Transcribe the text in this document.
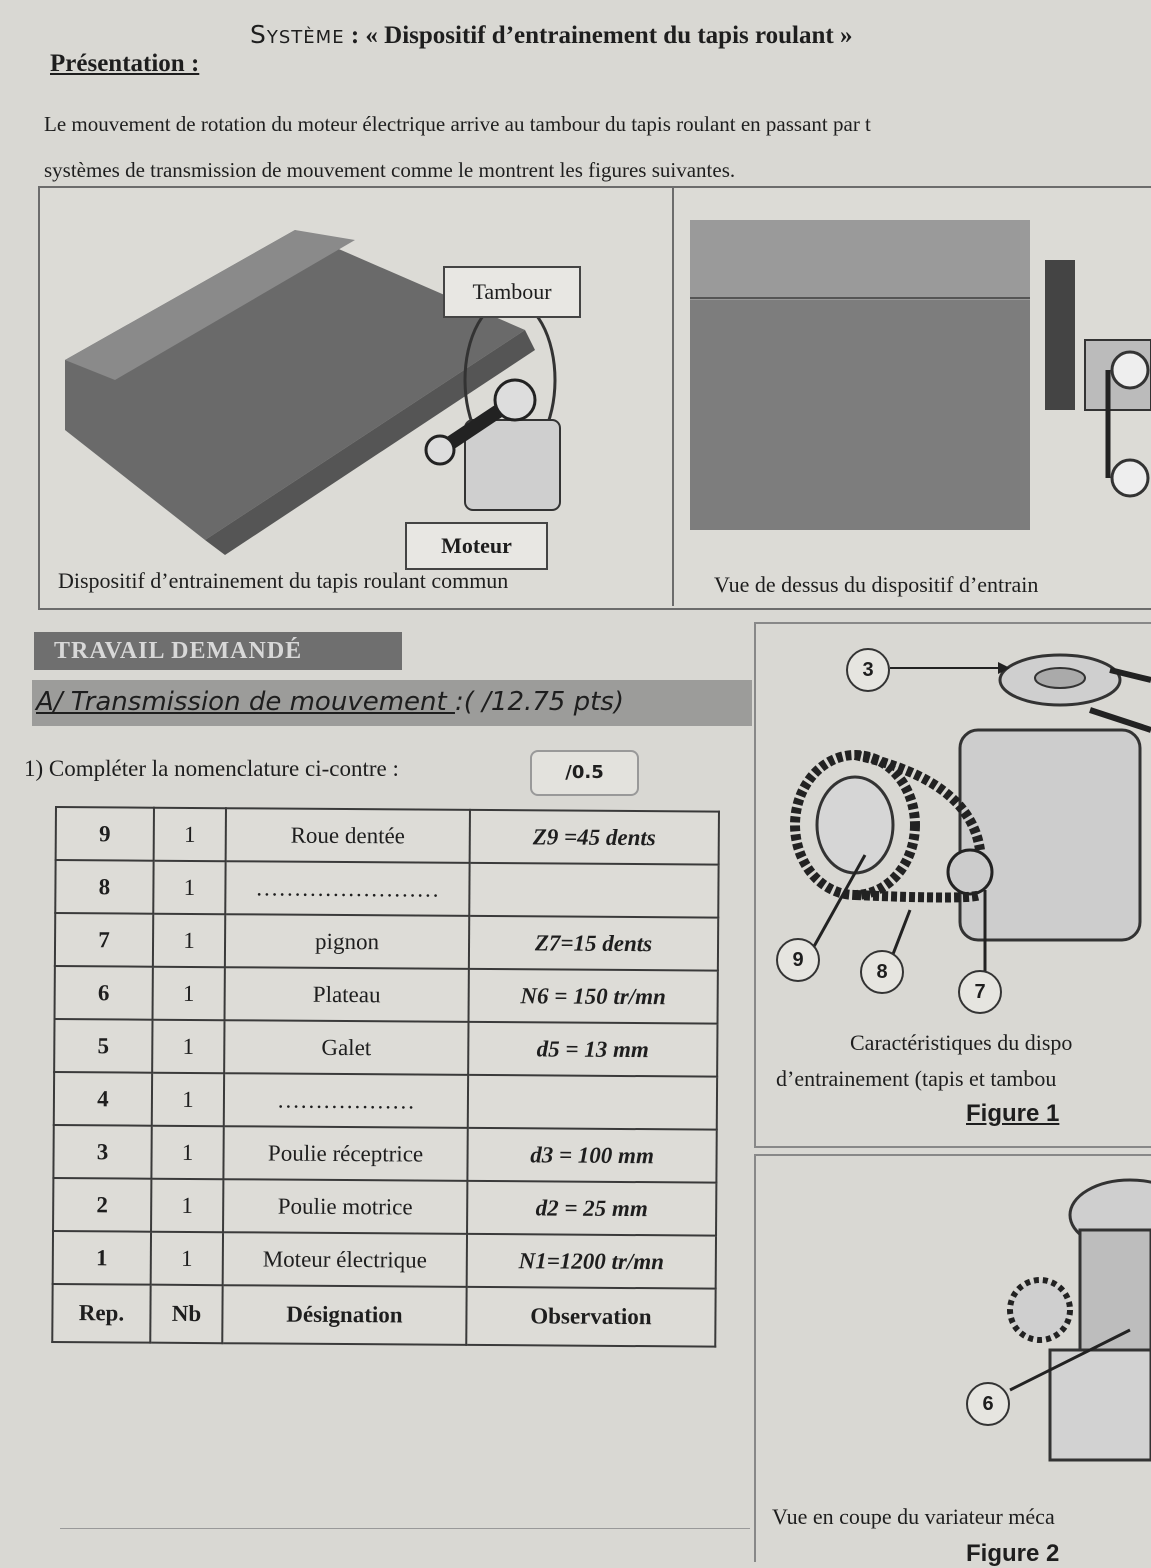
Système : « Dispositif d’entrainement du tapis roulant »
Présentation :
Le mouvement de rotation du moteur électrique arrive au tambour du tapis roulant en passant par t
systèmes de transmission de mouvement comme le montrent les figures suivantes.
Tambour
Moteur
Dispositif d’entrainement du tapis roulant commun	Vue de dessus du dispositif d’entrain
TRAVAIL DEMANDÉ
A/ Transmission de mouvement :( /12.75 pts)
1) Compléter la nomenclature ci-contre :	/0.5
9	1	Roue dentée	Z9 =45 dents
8	1	……………………	
7	1	pignon	Z7=15 dents
6	1	Plateau	N6 = 150 tr/mn
5	1	Galet	d5 = 13 mm
4	1	………………	
3	1	Poulie réceptrice	d3 = 100 mm
2	1	Poulie motrice	d2 = 25 mm
1	1	Moteur électrique	N1=1200 tr/mn
Rep.	Nb	Désignation	Observation
3
9
8
7
Caractéristiques du dispo
d’entrainement (tapis et tambou
Figure 1
6
Vue en coupe du variateur méca
Figure 2
